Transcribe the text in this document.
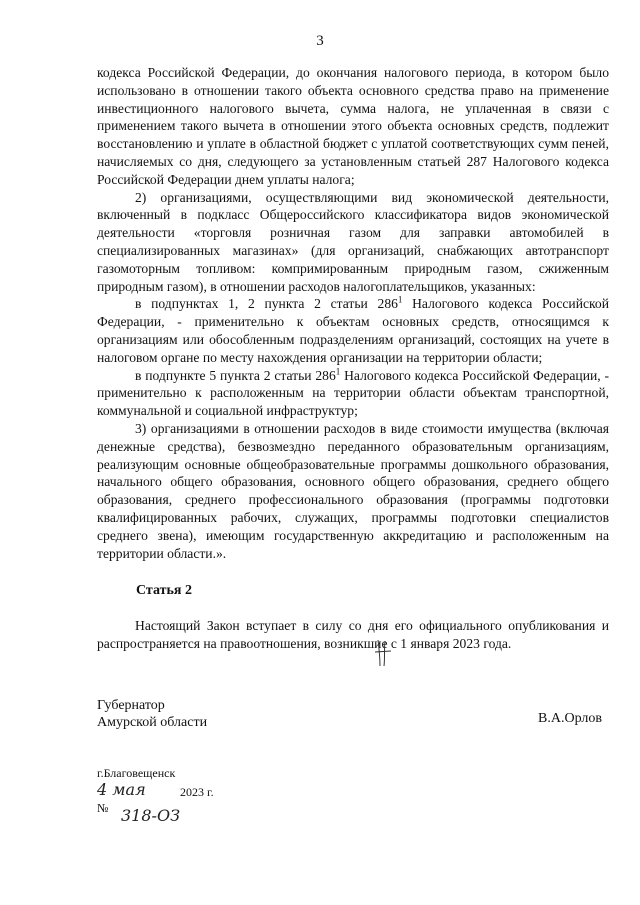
3

кодекса Российской Федерации, до окончания налогового периода, в котором было использовано в отношении такого объекта основного средства право на применение инвестиционного налогового вычета, сумма налога, не уплаченная в связи с применением такого вычета в отношении этого объекта основных средств, подлежит восстановлению и уплате в областной бюджет с уплатой соответствующих сумм пеней, начисляемых со дня, следующего за установленным статьей 287 Налогового кодекса Российской Федерации днем уплаты налога;

2) организациями, осуществляющими вид экономической деятельности, включенный в подкласс Общероссийского классификатора видов экономической деятельности «торговля розничная газом для заправки автомобилей в специализированных магазинах» (для организаций, снабжающих автотранспорт газомоторным топливом: компримированным природным газом, сжиженным природным газом), в отношении расходов налогоплательщиков, указанных:

в подпунктах 1, 2 пункта 2 статьи $286^1$ Налогового кодекса Российской Федерации, - применительно к объектам основных средств, относящимся к организациям или обособленным подразделениям организаций, состоящих на учете в налоговом органе по месту нахождения организации на территории области;

в подпункте 5 пункта 2 статьи $286^1$ Налогового кодекса Российской Федерации, - применительно к расположенным на территории области объектам транспортной, коммунальной и социальной инфраструктур;

3) организациями в отношении расходов в виде стоимости имущества (включая денежные средства), безвозмездно переданного образовательным организациям, реализующим основные общеобразовательные программы дошкольного образования, начального общего образования, основного общего образования, среднего общего образования, среднего профессионального образования (программы подготовки квалифицированных рабочих, служащих, программы подготовки специалистов среднего звена), имеющим государственную аккредитацию и расположенным на территории области.».

Статья 2

Настоящий Закон вступает в силу со дня его официального опубликования и распространяется на правоотношения, возникшие с 1 января 2023 года.

Губернатор
Амурской области	В.А.Орлов
г.Благовещенск
4 мая	2023 г.
№ 318-ОЗ
